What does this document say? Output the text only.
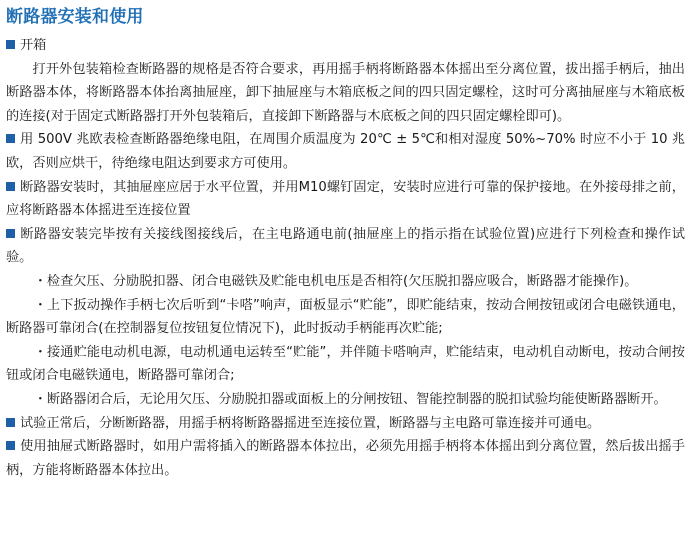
断路器安装和使用

开箱

打开外包装箱检查断路器的规格是否符合要求，再用摇手柄将断路器本体摇出至分离位置，拔出摇手柄后，抽出断路器本体，将断路器本体抬离抽屉座，卸下抽屉座与木箱底板之间的四只固定螺栓，这时可分离抽屉座与木箱底板的连接(对于固定式断路器打开外包装箱后，直接卸下断路器与木底板之间的四只固定螺栓即可)。

用 500V 兆欧表检查断路器绝缘电阻，在周围介质温度为 20℃ ± 5℃和相对湿度 50%~70% 时应不小于 10 兆欧，否则应烘干，待绝缘电阻达到要求方可使用。

断路器安装时，其抽屉座应居于水平位置，并用M10螺钉固定，安装时应进行可靠的保护接地。在外接母排之前，应将断路器本体摇进至连接位置

断路器安装完毕按有关接线图接线后，在主电路通电前(抽屉座上的指示指在试验位置)应进行下列检查和操作试验。

・检查欠压、分励脱扣器、闭合电磁铁及贮能电机电压是否相符(欠压脱扣器应吸合，断路器才能操作)。

・上下扳动操作手柄七次后听到“卡嗒”响声，面板显示“贮能”，即贮能结束，按动合闸按钮或闭合电磁铁通电，断路器可靠闭合(在控制器复位按钮复位情况下)，此时扳动手柄能再次贮能;

・接通贮能电动机电源，电动机通电运转至“贮能”，并伴随卡嗒响声，贮能结束，电动机自动断电，按动合闸按钮或闭合电磁铁通电，断路器可靠闭合;

・断路器闭合后，无论用欠压、分励脱扣器或面板上的分闸按钮、智能控制器的脱扣试验均能使断路器断开。

试验正常后，分断断路器，用摇手柄将断路器摇进至连接位置，断路器与主电路可靠连接并可通电。

使用抽屉式断路器时，如用户需将插入的断路器本体拉出，必须先用摇手柄将本体摇出到分离位置，然后拔出摇手柄，方能将断路器本体拉出。
